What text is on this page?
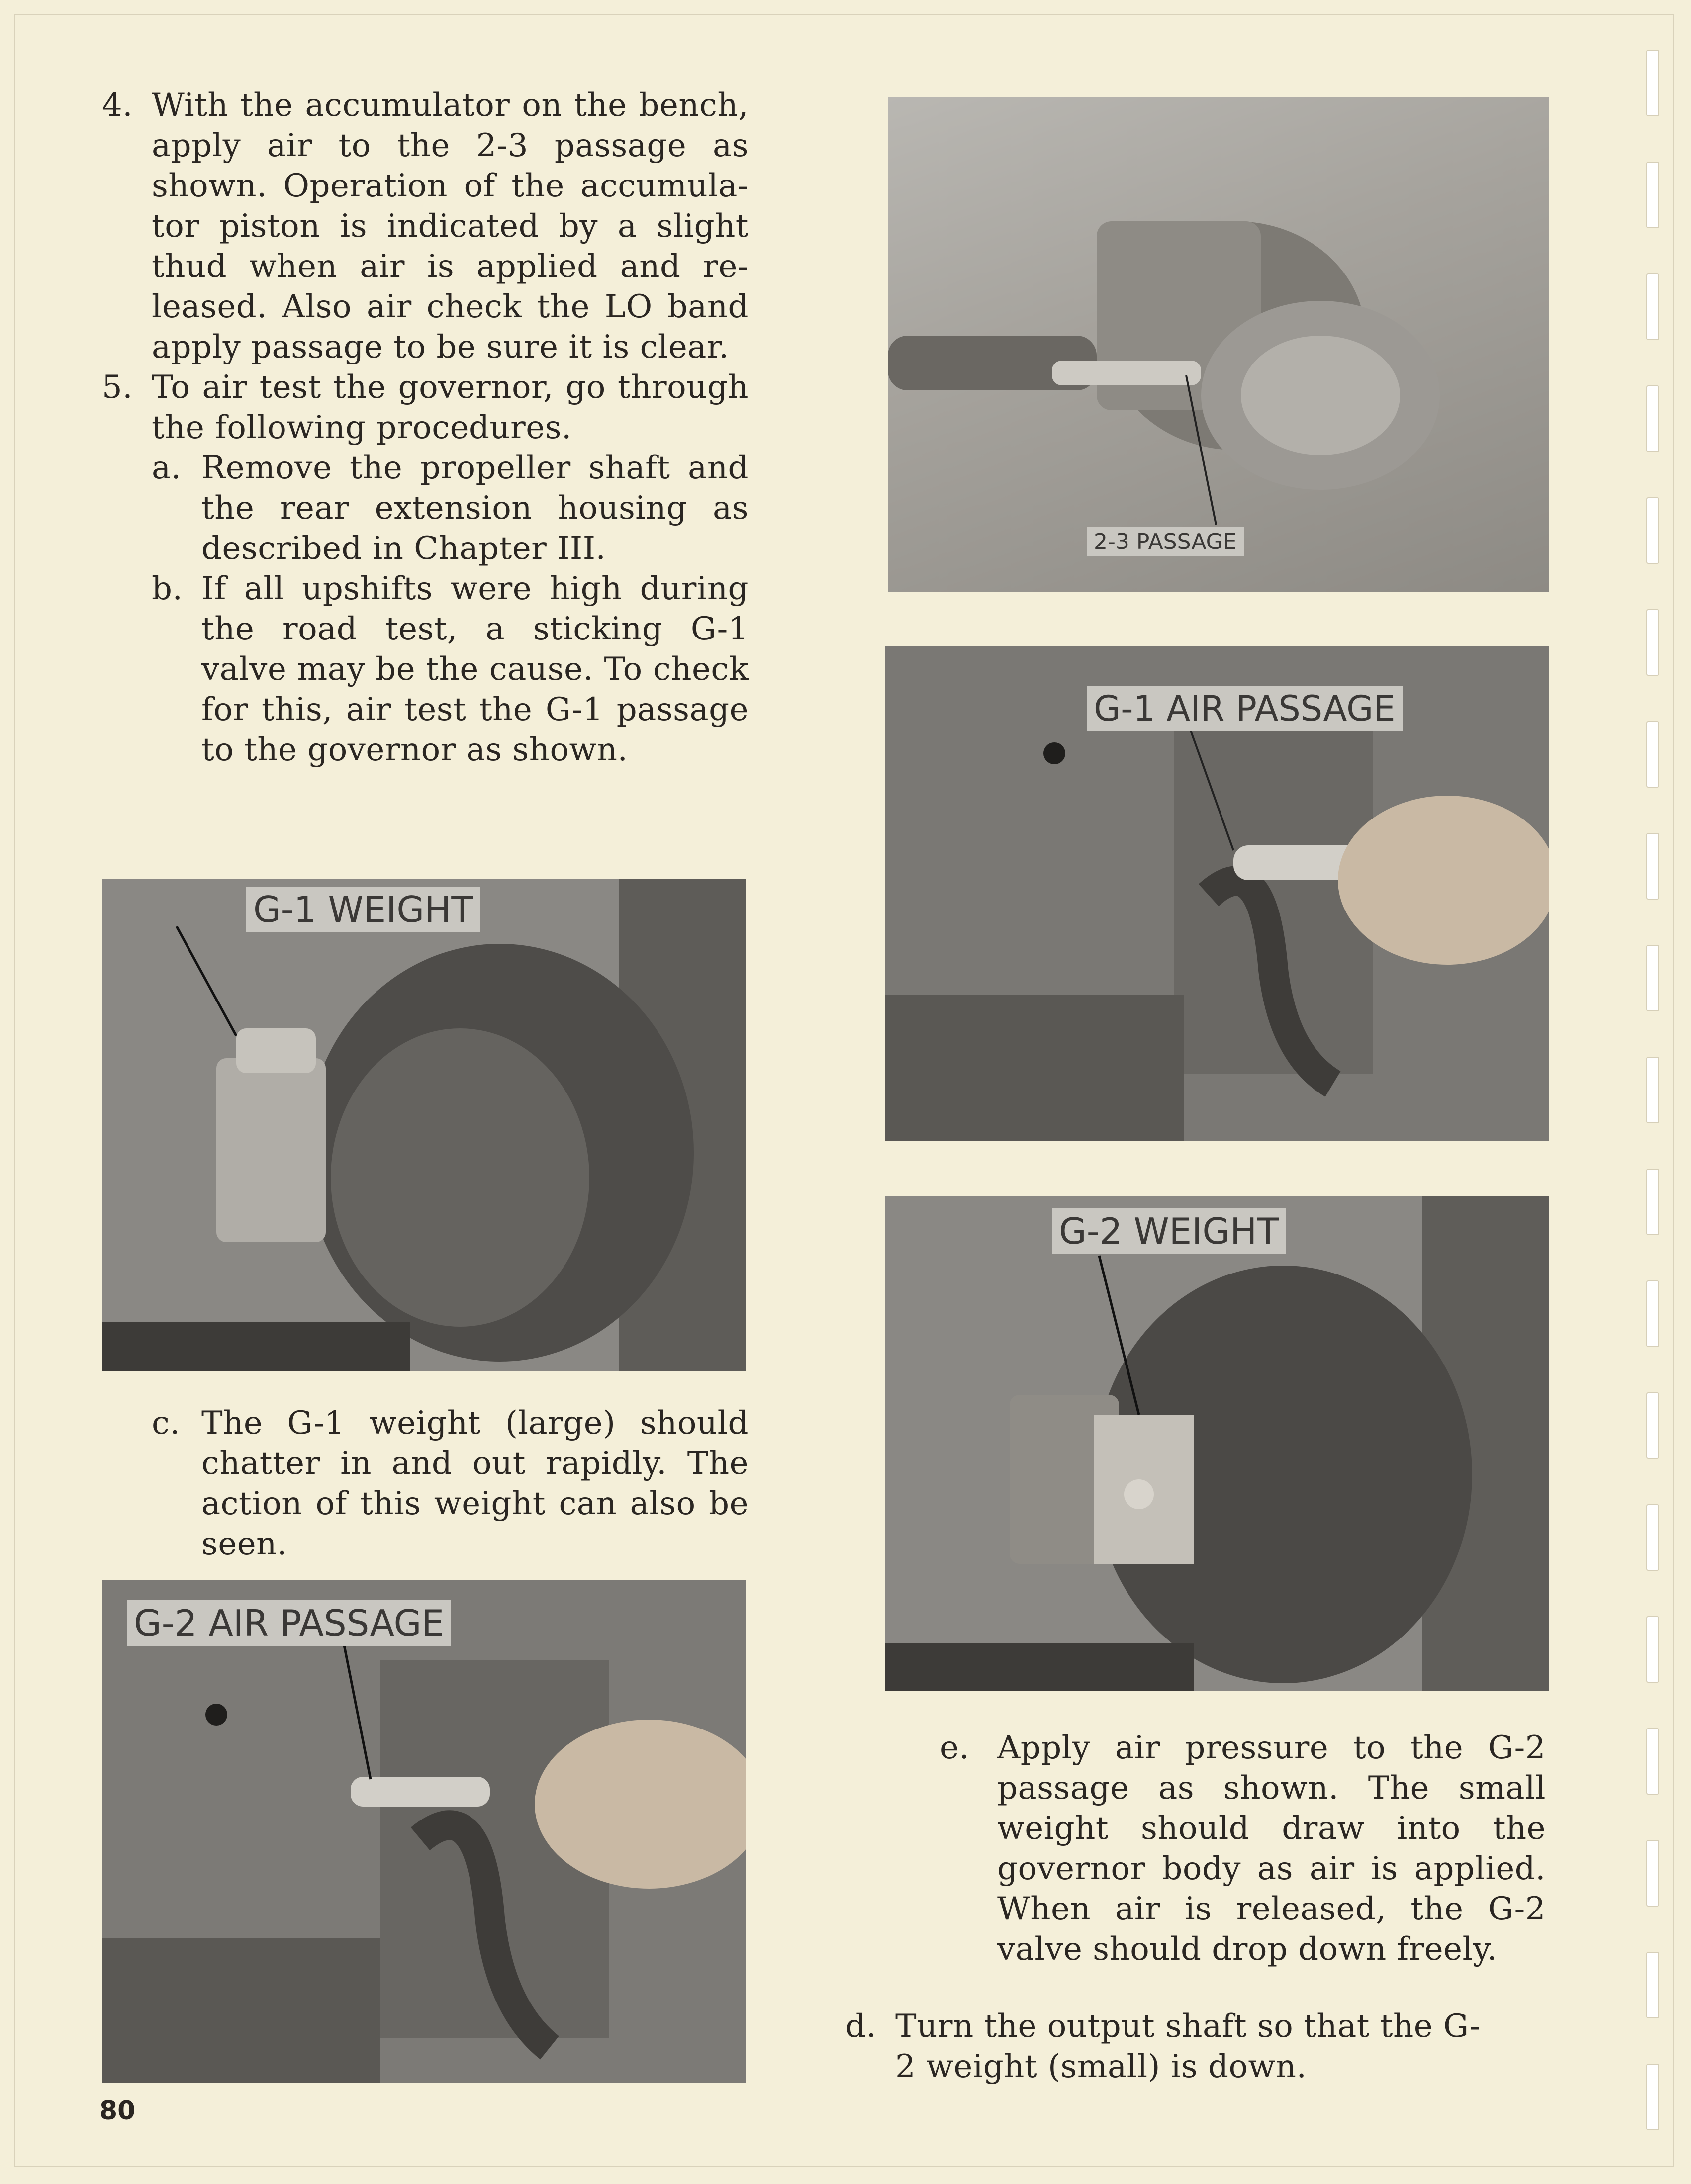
4. With the accumulator on the bench, apply air to the 2-3 passage as shown. Operation of the accumula-tor piston is indicated by a slight thud when air is applied and re-leased. Also air check the LO band apply passage to be sure it is clear.
5. To air test the governor, go through the following procedures.
a. Remove the propeller shaft and the rear extension housing as described in Chapter III.
b. If all upshifts were high during the road test, a sticking G-1 valve may be the cause. To check for this, air test the G-1 passage to the governor as shown.
2-3 PASSAGE
G-1 AIR PASSAGE
G-1 WEIGHT
c. The G-1 weight (large) should chatter in and out rapidly. The action of this weight can also be seen.
G-2 WEIGHT
G-2 AIR PASSAGE
e. Apply air pressure to the G-2 passage as shown. The small weight should draw into the governor body as air is applied. When air is released, the G-2 valve should drop down freely.
d. Turn the output shaft so that the G-2 weight (small) is down.
80
